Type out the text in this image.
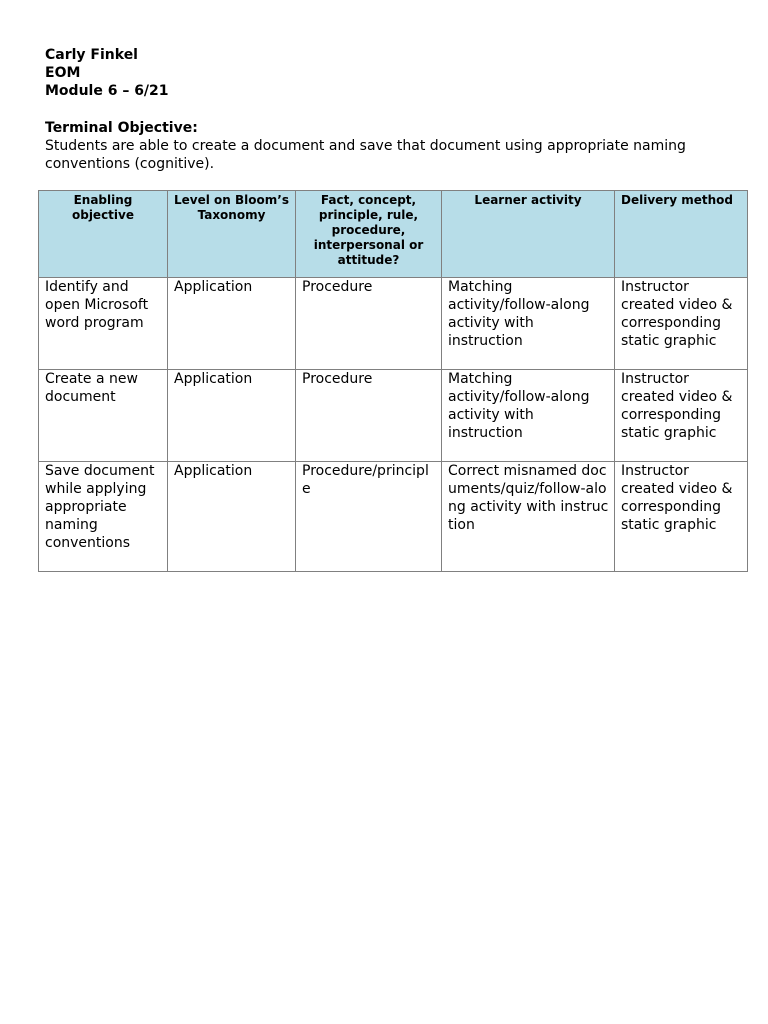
Carly Finkel
EOM
Module 6 – 6/21
Terminal Objective:
Students are able to create a document and save that document using appropriate naming conventions (cognitive).
Enabling objective	Level on Bloom’s Taxonomy	Fact, concept, principle, rule, procedure, interpersonal or attitude?	Learner activity	Delivery method
Identify and open Microsoft word program	Application	Procedure	Matching activity/follow-along activity with instruction	Instructor created video & corresponding static graphic
Create a new document	Application	Procedure	Matching activity/follow-along activity with instruction	Instructor created video & corresponding static graphic
Save document while applying appropriate naming conventions	Application	Procedure/principle	Correct misnamed documents/quiz/follow-along activity with instruction	Instructor created video & corresponding static graphic
